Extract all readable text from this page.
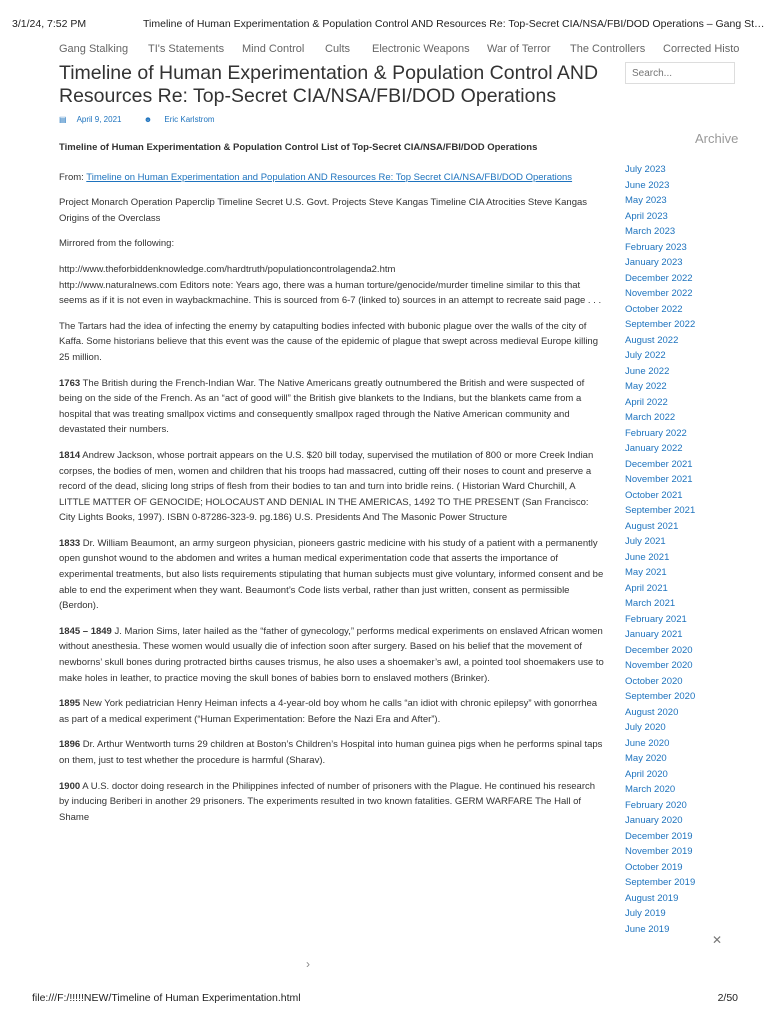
3/1/24, 7:52 PM	Timeline of Human Experimentation & Population Control AND Resources Re: Top-Secret CIA/NSA/FBI/DOD Operations – Gang St…
Gang Stalking TI's Statements Mind Control Cults Electronic Weapons War of Terror The Controllers Corrected Histo
Timeline of Human Experimentation & Population Control AND Resources Re: Top-Secret CIA/NSA/FBI/DOD Operations
▤ April 9, 2021	☻ Eric Karlstrom

Timeline of Human Experimentation & Population Control List of Top-Secret CIA/NSA/FBI/DOD Operations

From: Timeline on Human Experimentation and Population AND Resources Re: Top Secret CIA/NSA/FBI/DOD Operations

Project Monarch Operation Paperclip Timeline Secret U.S. Govt. Projects Steve Kangas Timeline CIA Atrocities Steve Kangas Origins of the Overclass

Mirrored from the following:

http://www.theforbiddenknowledge.com/hardtruth/populationcontrolagenda2.htm
http://www.naturalnews.com Editors note: Years ago, there was a human torture/genocide/murder timeline similar to this that seems as if it is not even in waybackmachine. This is sourced from 6-7 (linked to) sources in an attempt to recreate said page . . .

The Tartars had the idea of infecting the enemy by catapulting bodies infected with bubonic plague over the walls of the city of Kaffa. Some historians believe that this event was the cause of the epidemic of plague that swept across medieval Europe killing 25 million.

1763 The British during the French-Indian War. The Native Americans greatly outnumbered the British and were suspected of being on the side of the French. As an “act of good will” the British give blankets to the Indians, but the blankets came from a hospital that was treating smallpox victims and consequently smallpox raged through the Native American community and devastated their numbers.

1814 Andrew Jackson, whose portrait appears on the U.S. $20 bill today, supervised the mutilation of 800 or more Creek Indian corpses, the bodies of men, women and children that his troops had massacred, cutting off their noses to count and preserve a record of the dead, slicing long strips of flesh from their bodies to tan and turn into bridle reins. ( Historian Ward Churchill, A LITTLE MATTER OF GENOCIDE; HOLOCAUST AND DENIAL IN THE AMERICAS, 1492 TO THE PRESENT (San Francisco: City Lights Books, 1997). ISBN 0-87286-323-9. pg.186) U.S. Presidents And The Masonic Power Structure

1833 Dr. William Beaumont, an army surgeon physician, pioneers gastric medicine with his study of a patient with a permanently open gunshot wound to the abdomen and writes a human medical experimentation code that asserts the importance of experimental treatments, but also lists requirements stipulating that human subjects must give voluntary, informed consent and be able to end the experiment when they want. Beaumont’s Code lists verbal, rather than just written, consent as permissible (Berdon).

1845 – 1849 J. Marion Sims, later hailed as the “father of gynecology,” performs medical experiments on enslaved African women without anesthesia. These women would usually die of infection soon after surgery. Based on his belief that the movement of newborns’ skull bones during protracted births causes trismus, he also uses a shoemaker’s awl, a pointed tool shoemakers use to make holes in leather, to practice moving the skull bones of babies born to enslaved mothers (Brinker).

1895 New York pediatrician Henry Heiman infects a 4-year-old boy whom he calls “an idiot with chronic epilepsy” with gonorrhea as part of a medical experiment (“Human Experimentation: Before the Nazi Era and After”).

1896 Dr. Arthur Wentworth turns 29 children at Boston’s Children’s Hospital into human guinea pigs when he performs spinal taps on them, just to test whether the procedure is harmful (Sharav).

1900 A U.S. doctor doing research in the Philippines infected of number of prisoners with the Plague. He continued his research by inducing Beriberi in another 29 prisoners. The experiments resulted in two known fatalities. GERM WARFARE The Hall of Shame

Search...
Archive
July 2023
June 2023
May 2023
April 2023
March 2023
February 2023
January 2023
December 2022
November 2022
October 2022
September 2022
August 2022
July 2022
June 2022
May 2022
April 2022
March 2022
February 2022
January 2022
December 2021
November 2021
October 2021
September 2021
August 2021
July 2021
June 2021
May 2021
April 2021
March 2021
February 2021
January 2021
December 2020
November 2020
October 2020
September 2020
August 2020
July 2020
June 2020
May 2020
April 2020
March 2020
February 2020
January 2020
December 2019
November 2019
October 2019
September 2019
August 2019
July 2019
June 2019
✕
›
file:///F:/!!!!!NEW/Timeline of Human Experimentation.html	2/50
